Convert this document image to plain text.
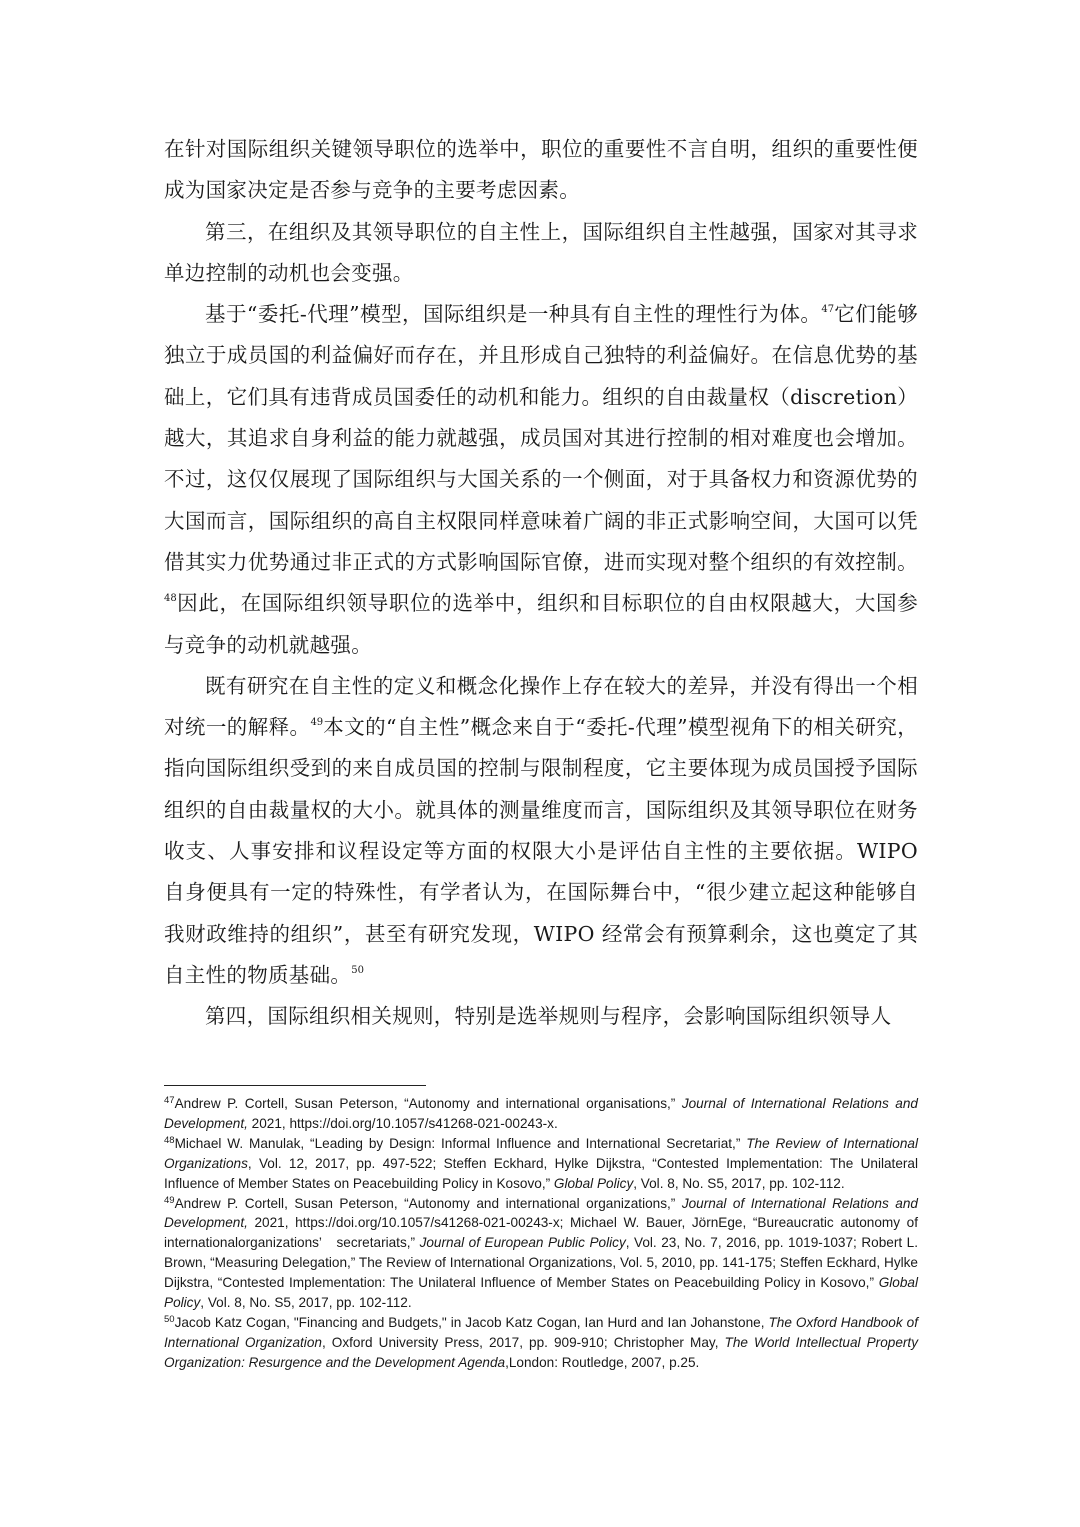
在针对国际组织关键领导职位的选举中，职位的重要性不言自明，组织的重要性便成为国家决定是否参与竞争的主要考虑因素。

第三，在组织及其领导职位的自主性上，国际组织自主性越强，国家对其寻求单边控制的动机也会变强。

基于“委托-代理”模型，国际组织是一种具有自主性的理性行为体。$^{47}$它们能够独立于成员国的利益偏好而存在，并且形成自己独特的利益偏好。在信息优势的基础上，它们具有违背成员国委任的动机和能力。组织的自由裁量权（discretion）越大，其追求自身利益的能力就越强，成员国对其进行控制的相对难度也会增加。不过，这仅仅展现了国际组织与大国关系的一个侧面，对于具备权力和资源优势的大国而言，国际组织的高自主权限同样意味着广阔的非正式影响空间，大国可以凭借其实力优势通过非正式的方式影响国际官僚，进而实现对整个组织的有效控制。$^{48}$因此，在国际组织领导职位的选举中，组织和目标职位的自由权限越大，大国参与竞争的动机就越强。

既有研究在自主性的定义和概念化操作上存在较大的差异，并没有得出一个相对统一的解释。$^{49}$本文的“自主性”概念来自于“委托-代理”模型视角下的相关研究，指向国际组织受到的来自成员国的控制与限制程度，它主要体现为成员国授予国际组织的自由裁量权的大小。就具体的测量维度而言，国际组织及其领导职位在财务收支、人事安排和议程设定等方面的权限大小是评估自主性的主要依据。WIPO 自身便具有一定的特殊性，有学者认为，在国际舞台中，“很少建立起这种能够自我财政维持的组织”，甚至有研究发现，WIPO 经常会有预算剩余，这也奠定了其自主性的物质基础。$^{50}$

第四，国际组织相关规则，特别是选举规则与程序，会影响国际组织领导人

$^{47}$Andrew P. Cortell, Susan Peterson, “Autonomy and international organisations,” Journal of International Relations and Development, 2021, https://doi.org/10.1057/s41268-021-00243-x.

$^{48}$Michael W. Manulak, “Leading by Design: Informal Influence and International Secretariat,” The Review of International Organizations, Vol. 12, 2017, pp. 497-522; Steffen Eckhard, Hylke Dijkstra, “Contested Implementation: The Unilateral Influence of Member States on Peacebuilding Policy in Kosovo,” Global Policy, Vol. 8, No. S5, 2017, pp. 102-112.

$^{49}$Andrew P. Cortell, Susan Peterson, “Autonomy and international organizations,” Journal of International Relations and Development, 2021, https://doi.org/10.1057/s41268-021-00243-x; Michael W. Bauer, JörnEge, “Bureaucratic autonomy of internationalorganizations’　secretariats,” Journal of European Public Policy, Vol. 23, No. 7, 2016, pp. 1019-1037; Robert L. Brown, “Measuring Delegation,” The Review of International Organizations, Vol. 5, 2010, pp. 141-175; Steffen Eckhard, Hylke Dijkstra, “Contested Implementation: The Unilateral Influence of Member States on Peacebuilding Policy in Kosovo,” Global Policy, Vol. 8, No. S5, 2017, pp. 102-112.

$^{50}$Jacob Katz Cogan, "Financing and Budgets," in Jacob Katz Cogan, Ian Hurd and Ian Johanstone, The Oxford Handbook of International Organization, Oxford University Press, 2017, pp. 909-910; Christopher May, The World Intellectual Property Organization: Resurgence and the Development Agenda,London: Routledge, 2007, p.25.
